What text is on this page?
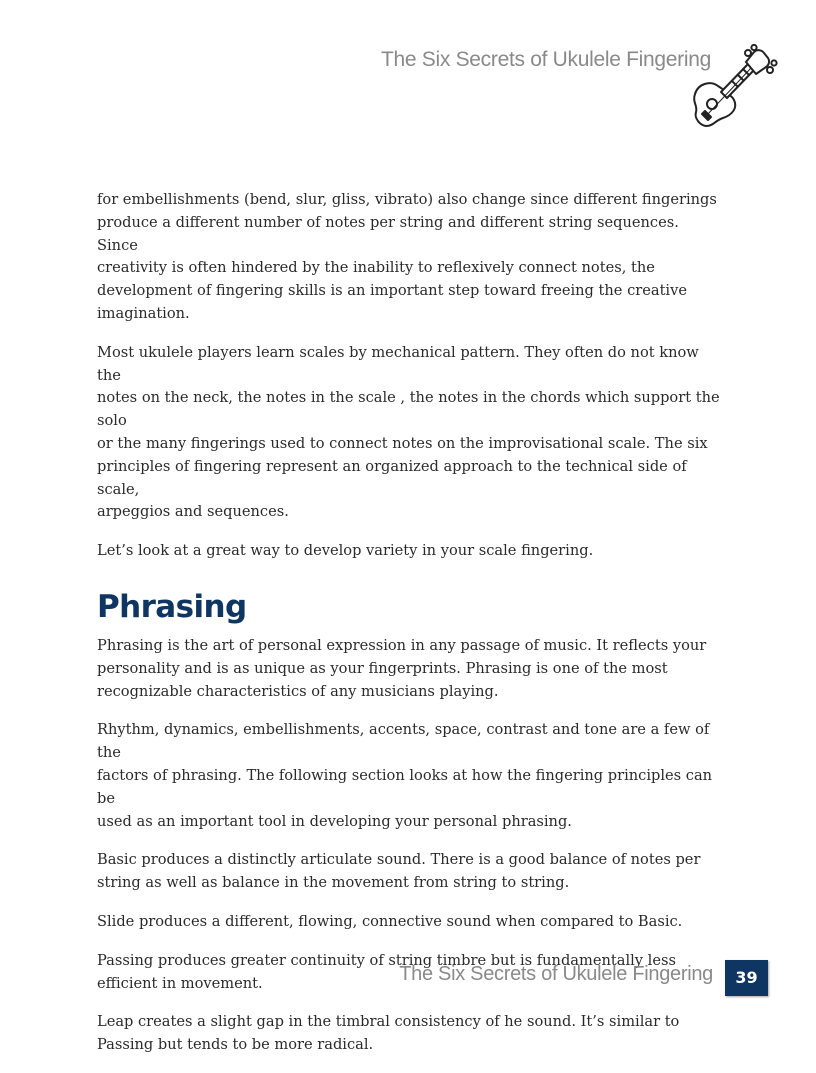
The Six Secrets of Ukulele Fingering

for embellishments (bend, slur, gliss, vibrato) also change since different fingerings
produce a different number of notes per string and different string sequences. Since
creativity is often hindered by the inability to reflexively connect notes, the
development of fingering skills is an important step toward freeing the creative
imagination.

Most ukulele players learn scales by mechanical pattern. They often do not know the
notes on the neck, the notes in the scale , the notes in the chords which support the solo
or the many fingerings used to connect notes on the improvisational scale. The six
principles of fingering represent an organized approach to the technical side of scale,
arpeggios and sequences.

Let’s look at a great way to develop variety in your scale fingering.

Phrasing

Phrasing is the art of personal expression in any passage of music. It reflects your
personality and is as unique as your fingerprints. Phrasing is one of the most
recognizable characteristics of any musicians playing.

Rhythm, dynamics, embellishments, accents, space, contrast and tone are a few of the
factors of phrasing. The following section looks at how the fingering principles can be
used as an important tool in developing your personal phrasing.

Basic produces a distinctly articulate sound. There is a good balance of notes per
string as well as balance in the movement from string to string.

Slide produces a different, flowing, connective sound when compared to Basic.

Passing produces greater continuity of string timbre but is fundamentally less
efficient in movement.

Leap creates a slight gap in the timbral consistency of he sound. It’s similar to
Passing but tends to be more radical.

The Six Secrets of Ukulele Fingering	39
